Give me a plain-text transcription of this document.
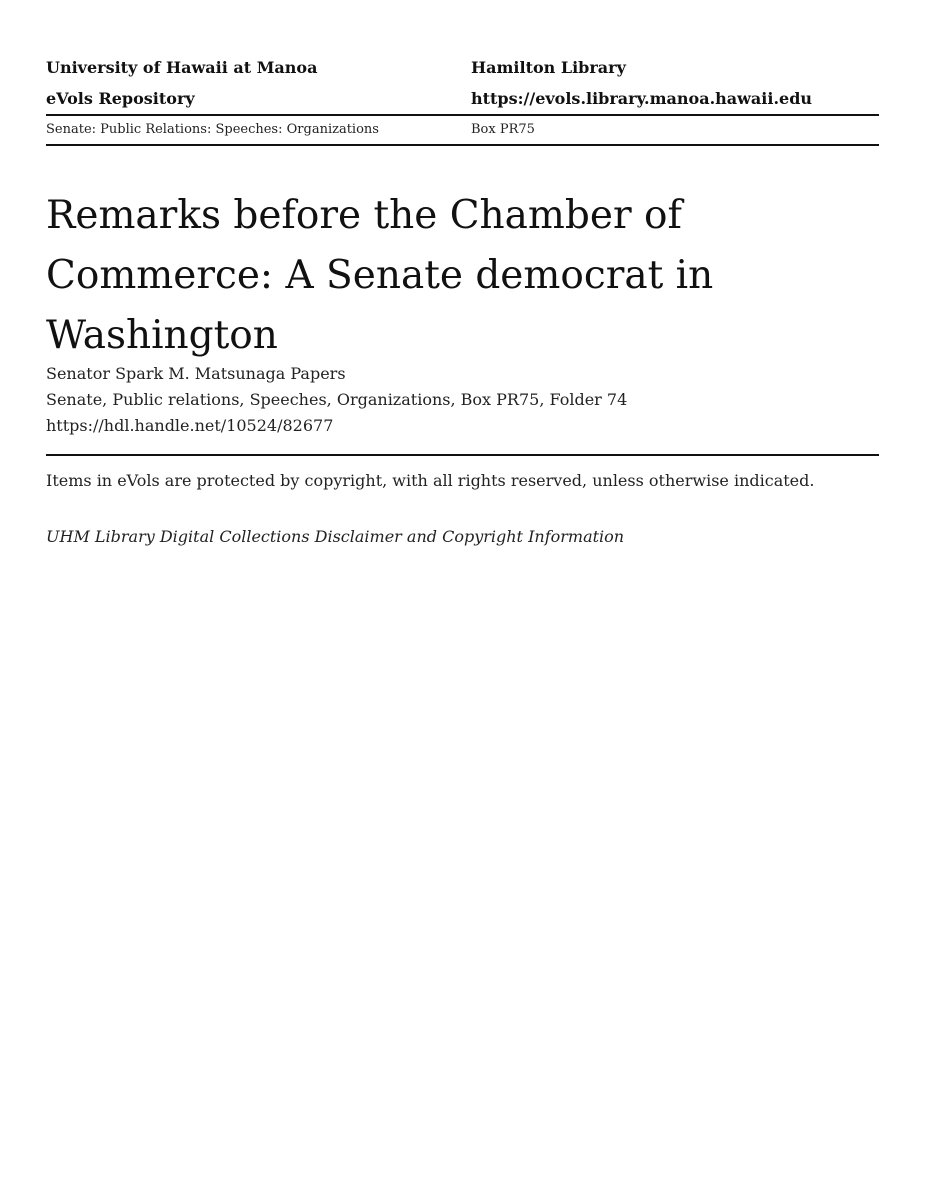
University of Hawaii at Manoa	Hamilton Library
eVols Repository	https://evols.library.manoa.hawaii.edu
Senate: Public Relations: Speeches: Organizations	Box PR75
Remarks before the Chamber of Commerce: A Senate democrat in Washington
Senator Spark M. Matsunaga Papers
Senate, Public relations, Speeches, Organizations, Box PR75, Folder 74
https://hdl.handle.net/10524/82677
Items in eVols are protected by copyright, with all rights reserved, unless otherwise indicated.
UHM Library Digital Collections Disclaimer and Copyright Information
